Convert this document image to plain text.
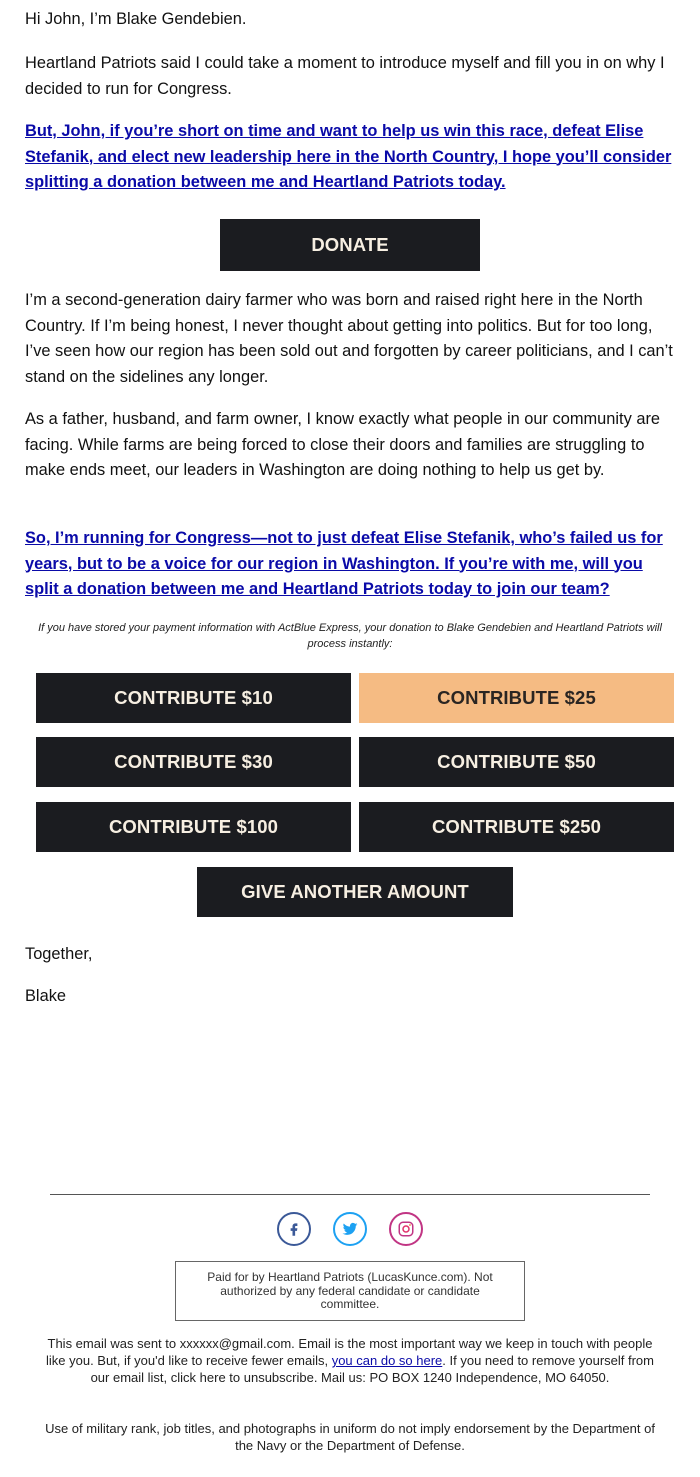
Hi John, I’m Blake Gendebien.

Heartland Patriots said I could take a moment to introduce myself and fill you in on why I decided to run for Congress.

But, John, if you’re short on time and want to help us win this race, defeat Elise Stefanik, and elect new leadership here in the North Country, I hope you’ll consider splitting a donation between me and Heartland Patriots today.

DONATE

I’m a second-generation dairy farmer who was born and raised right here in the North Country. If I’m being honest, I never thought about getting into politics. But for too long, I’ve seen how our region has been sold out and forgotten by career politicians, and I can’t stand on the sidelines any longer.

As a father, husband, and farm owner, I know exactly what people in our community are facing. While farms are being forced to close their doors and families are struggling to make ends meet, our leaders in Washington are doing nothing to help us get by.

So, I’m running for Congress—not to just defeat Elise Stefanik, who’s failed us for years, but to be a voice for our region in Washington. If you’re with me, will you split a donation between me and Heartland Patriots today to join our team?

If you have stored your payment information with ActBlue Express, your donation to Blake Gendebien and Heartland Patriots will process instantly:
CONTRIBUTE $10	CONTRIBUTE $25
CONTRIBUTE $30	CONTRIBUTE $50
CONTRIBUTE $100	CONTRIBUTE $250
GIVE ANOTHER AMOUNT

Together,

Blake

Paid for by Heartland Patriots (LucasKunce.com). Not authorized by any federal candidate or candidate committee.
This email was sent to xxxxxx@gmail.com. Email is the most important way we keep in touch with people like you. But, if you'd like to receive fewer emails, you can do so here. If you need to remove yourself from our email list, click here to unsubscribe. Mail us: PO BOX 1240 Independence, MO 64050.
Use of military rank, job titles, and photographs in uniform do not imply endorsement by the Department of the Navy or the Department of Defense.
